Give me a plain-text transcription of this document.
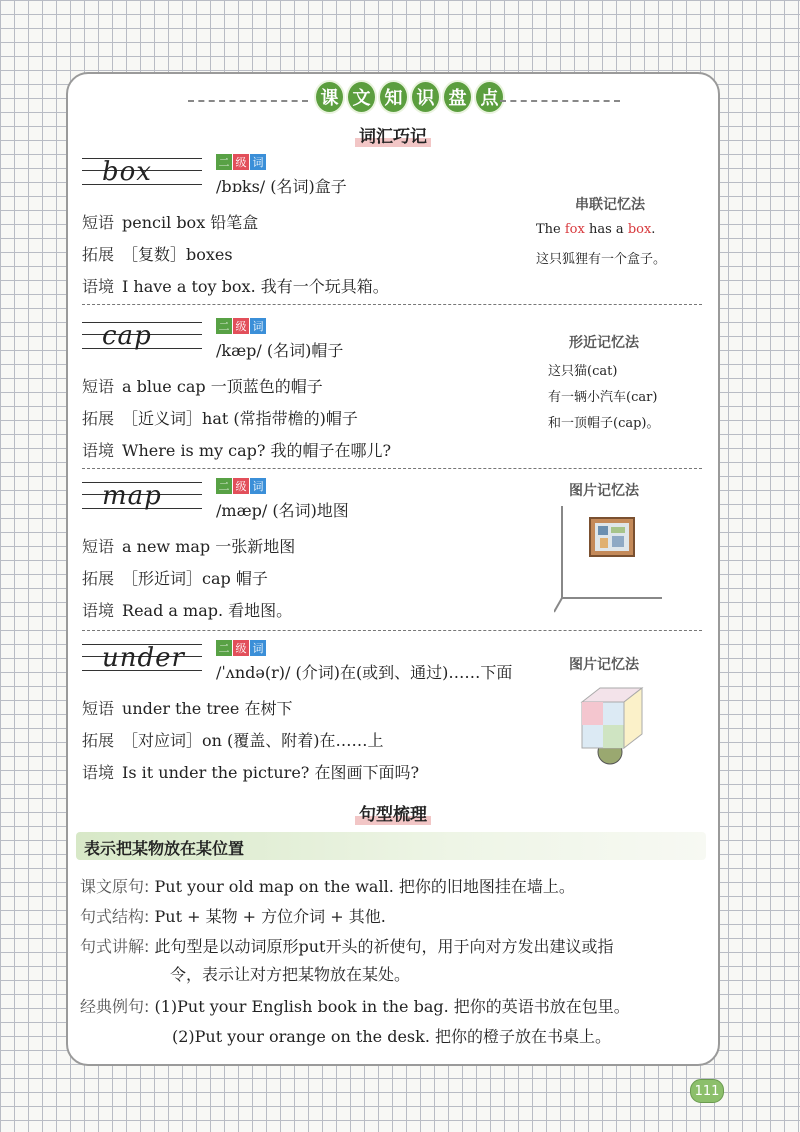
课 文 知 识 盘 点
词汇巧记
box	二 级 词
/bɒks/ (名词)盒子
短语 pencil box 铅笔盒
拓展 ［复数］boxes
语境 I have a toy box. 我有一个玩具箱。
串联记忆法
The fox has a box.
这只狐狸有一个盒子。
cap	二 级 词
/kæp/ (名词)帽子
短语 a blue cap 一顶蓝色的帽子
拓展 ［近义词］hat (常指带檐的)帽子
语境 Where is my cap? 我的帽子在哪儿?
形近记忆法
这只猫(cat)
有一辆小汽车(car)
和一顶帽子(cap)。
map	二 级 词
/mæp/ (名词)地图
短语 a new map 一张新地图
拓展 ［形近词］cap 帽子
语境 Read a map. 看地图。
图片记忆法
under	二 级 词
/ˈʌndə(r)/ (介词)在(或到、通过)……下面
短语 under the tree 在树下
拓展 ［对应词］on (覆盖、附着)在……上
语境 Is it under the picture? 在图画下面吗?
图片记忆法
句型梳理
表示把某物放在某位置
课文原句: Put your old map on the wall. 把你的旧地图挂在墙上。
句式结构: Put + 某物 + 方位介词 + 其他.
句式讲解: 此句型是以动词原形put开头的祈使句，用于向对方发出建议或指
令，表示让对方把某物放在某处。
经典例句: (1)Put your English book in the bag. 把你的英语书放在包里。
(2)Put your orange on the desk. 把你的橙子放在书桌上。
111
